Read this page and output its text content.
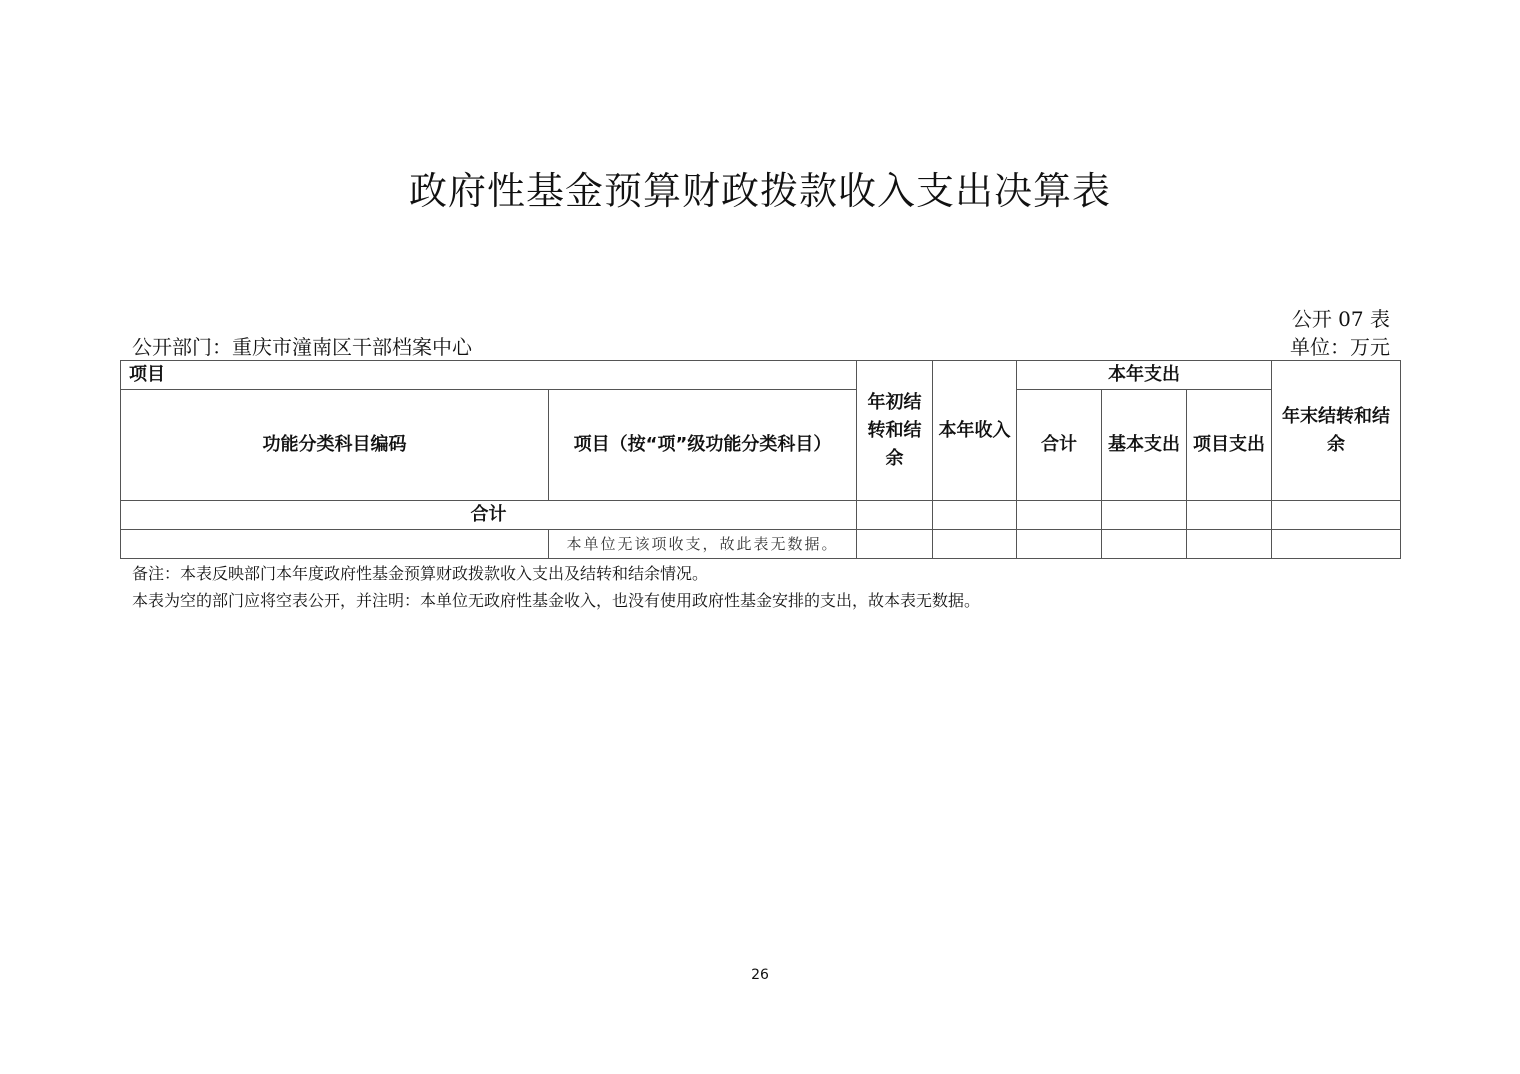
政府性基金预算财政拨款收入支出决算表
公开 07 表
公开部门：重庆市潼南区干部档案中心	单位：万元
项目		年初结转和结余	本年收入	本年支出			年末结转和结余
功能分类科目编码	项目（按“项”级功能分类科目）			合计	基本支出	项目支出	
合计							
	本单位无该项收支，故此表无数据。						
备注：本表反映部门本年度政府性基金预算财政拨款收入支出及结转和结余情况。
本表为空的部门应将空表公开，并注明：本单位无政府性基金收入，也没有使用政府性基金安排的支出，故本表无数据。
26
